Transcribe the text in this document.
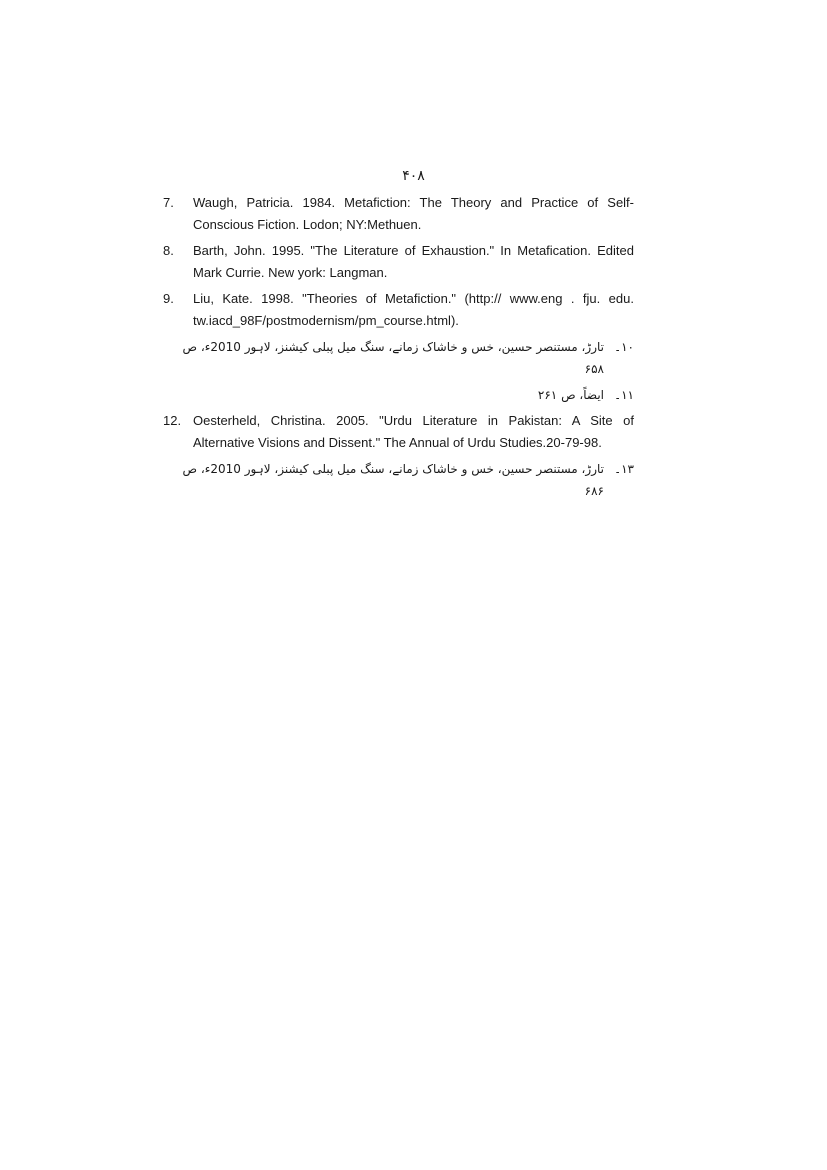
۴۰۸
7.	Waugh, Patricia. 1984. Metafiction: The Theory and Practice of Self-Conscious Fiction. Lodon; NY:Methuen.
8.	Barth, John. 1995. "The Literature of Exhaustion." In Metafication. Edited Mark Currie. New york: Langman.
9.	Liu, Kate. 1998. "Theories of Metafiction." (http:// www.eng . fju. edu. tw.iacd_98F/postmodernism/pm_course.html).
۱۰۔
تارڑ، مستنصر حسین، خس و خاشاک زمانے، سنگ میل پبلی کیشنز، لاہور 2010ء، ص ۶۵۸
۱۱۔
ایضاً، ص ۲۶۱
12. Oesterheld, Christina. 2005. "Urdu Literature in Pakistan: A Site of Alternative Visions and Dissent." The Annual of Urdu Studies.20-79-98.
۱۳۔
تارڑ، مستنصر حسین، خس و خاشاک زمانے، سنگ میل پبلی کیشنز، لاہور 2010ء، ص ۶۸۶
